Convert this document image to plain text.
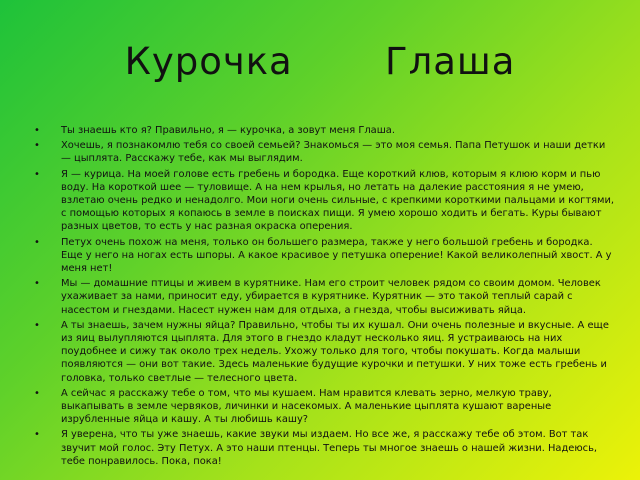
Курочка   Глаша
• Ты знаешь кто я? Правильно, я — курочка, а зовут меня Глаша.
• Хочешь, я познакомлю тебя со своей семьей? Знакомься — это моя семья. Папа Петушок и наши детки — цыплята. Расскажу тебе, как мы выглядим.
• Я — курица. На моей голове есть гребень и бородка. Еще короткий клюв, которым я клюю корм и пью воду. На короткой шее — туловище. А на нем крылья, но летать на далекие расстояния я не умею, взлетаю очень редко и ненадолго. Мои ноги очень сильные, с крепкими короткими пальцами и когтями, с помощью которых я копаюсь в земле в поисках пищи. Я умею хорошо ходить и бегать. Куры бывают разных цветов, то есть у нас разная окраска оперения.
• Петух очень похож на меня, только он большего размера, также у него большой гребень и бородка. Еще у него на ногах есть шпоры. А какое красивое у петушка оперение! Какой великолепный хвост. А у меня нет!
• Мы — домашние птицы и живем в курятнике. Нам его строит человек рядом со своим домом. Человек ухаживает за нами, приносит еду, убирается в курятнике. Курятник — это такой теплый сарай с насестом и гнездами. Насест нужен нам для отдыха, а гнезда, чтобы высиживать яйца.
• А ты знаешь, зачем нужны яйца? Правильно, чтобы ты их кушал. Они очень полезные и вкусные. А еще из яиц вылупляются цыплята. Для этого в гнездо кладут несколько яиц. Я устраиваюсь на них поудобнее и сижу так около трех недель. Ухожу только для того, чтобы покушать. Когда малыши появляются — они вот такие. Здесь маленькие будущие курочки и петушки. У них тоже есть гребень и головка, только светлые — телесного цвета.
• А сейчас я расскажу тебе о том, что мы кушаем. Нам нравится клевать зерно, мелкую траву, выкапывать в земле червяков, личинки и насекомых. А маленькие цыплята кушают вареные изрубленные яйца и кашу. А ты любишь кашу?
• Я уверена, что ты уже знаешь, какие звуки мы издаем. Но все же, я расскажу тебе об этом. Вот так звучит мой голос. Эту Петух. А это наши птенцы. Теперь ты многое знаешь о нашей жизни. Надеюсь, тебе понравилось. Пока, пока!
